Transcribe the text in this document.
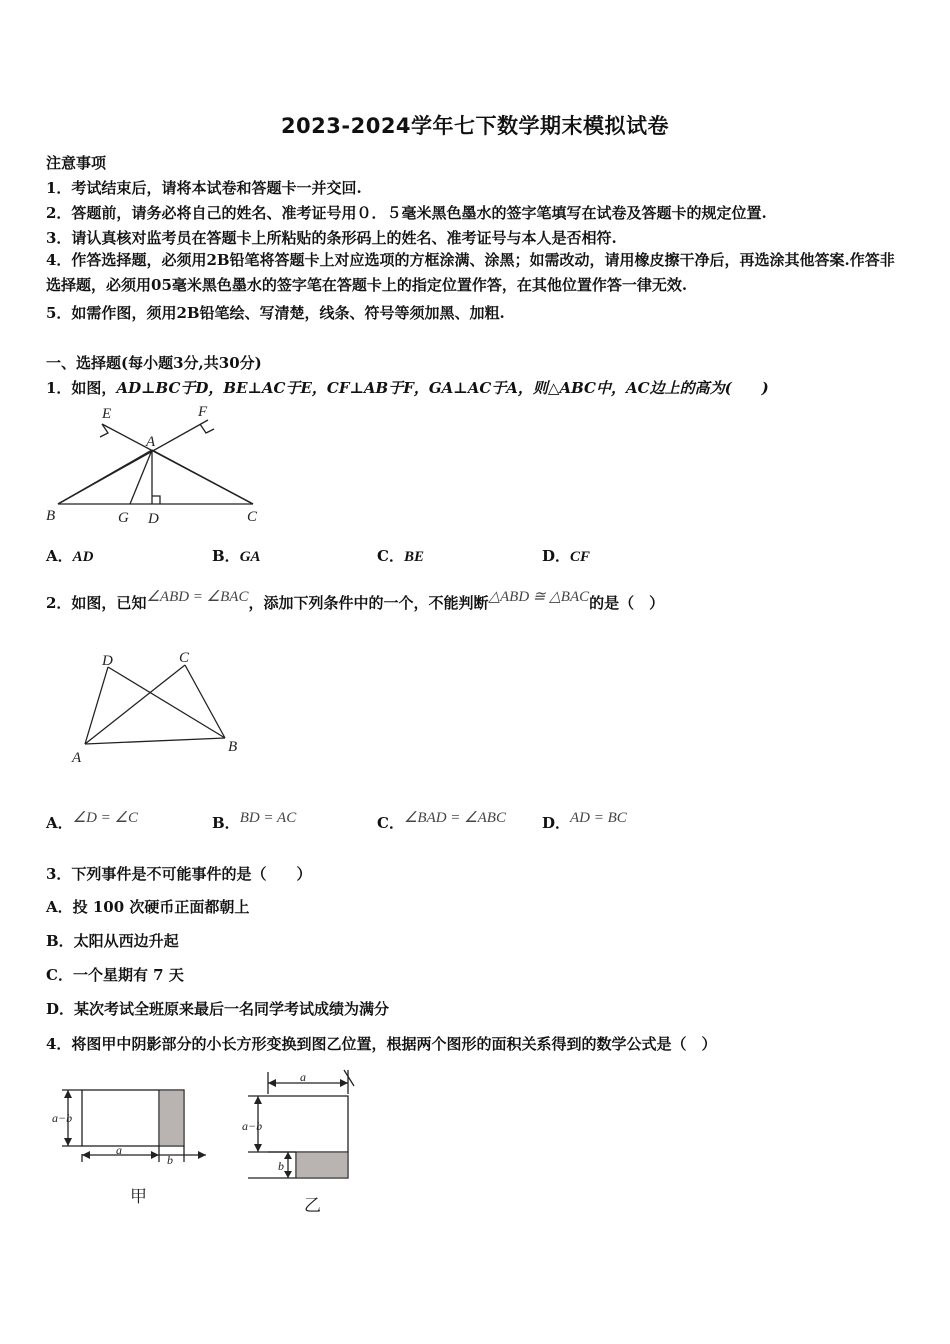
2023-2024学年七下数学期末模拟试卷
注意事项
1．考试结束后，请将本试卷和答题卡一并交回.
2．答题前，请务必将自己的姓名、准考证号用０．５毫米黑色墨水的签字笔填写在试卷及答题卡的规定位置.
3．请认真核对监考员在答题卡上所粘贴的条形码上的姓名、准考证号与本人是否相符.
4．作答选择题，必须用2B铅笔将答题卡上对应选项的方框涂满、涂黑；如需改动，请用橡皮擦干净后，再选涂其他答案.作答非选择题，必须用05毫米黑色墨水的签字笔在答题卡上的指定位置作答，在其他位置作答一律无效.
5．如需作图，须用2B铅笔绘、写清楚，线条、符号等须加黑、加粗.
一、选择题(每小题3分,共30分)
1．如图，AD⊥BC于D，BE⊥AC于E，CF⊥AB于F，GA⊥AC于A，则△ABC中，AC边上的高为(　　)
E	F
A
B	G D	C
A．AD	B．GA	C．BE	D．CF
2．如图，已知∠ABD = ∠BAC，添加下列条件中的一个，不能判断△ABD ≅ △BAC的是（　）
D	C
A
B
A．∠D = ∠C	B．BD = AC	C．∠BAD = ∠ABC D．AD = BC
3．下列事件是不可能事件的是（　　）
A．投 100 次硬币正面都朝上
B．太阳从西边升起
C．一个星期有 7 天
D．某次考试全班原来最后一名同学考试成绩为满分
4．将图甲中阴影部分的小长方形变换到图乙位置，根据两个图形的面积关系得到的数学公式是（　）
a−b
a
b
甲
a
a−b
b
乙
